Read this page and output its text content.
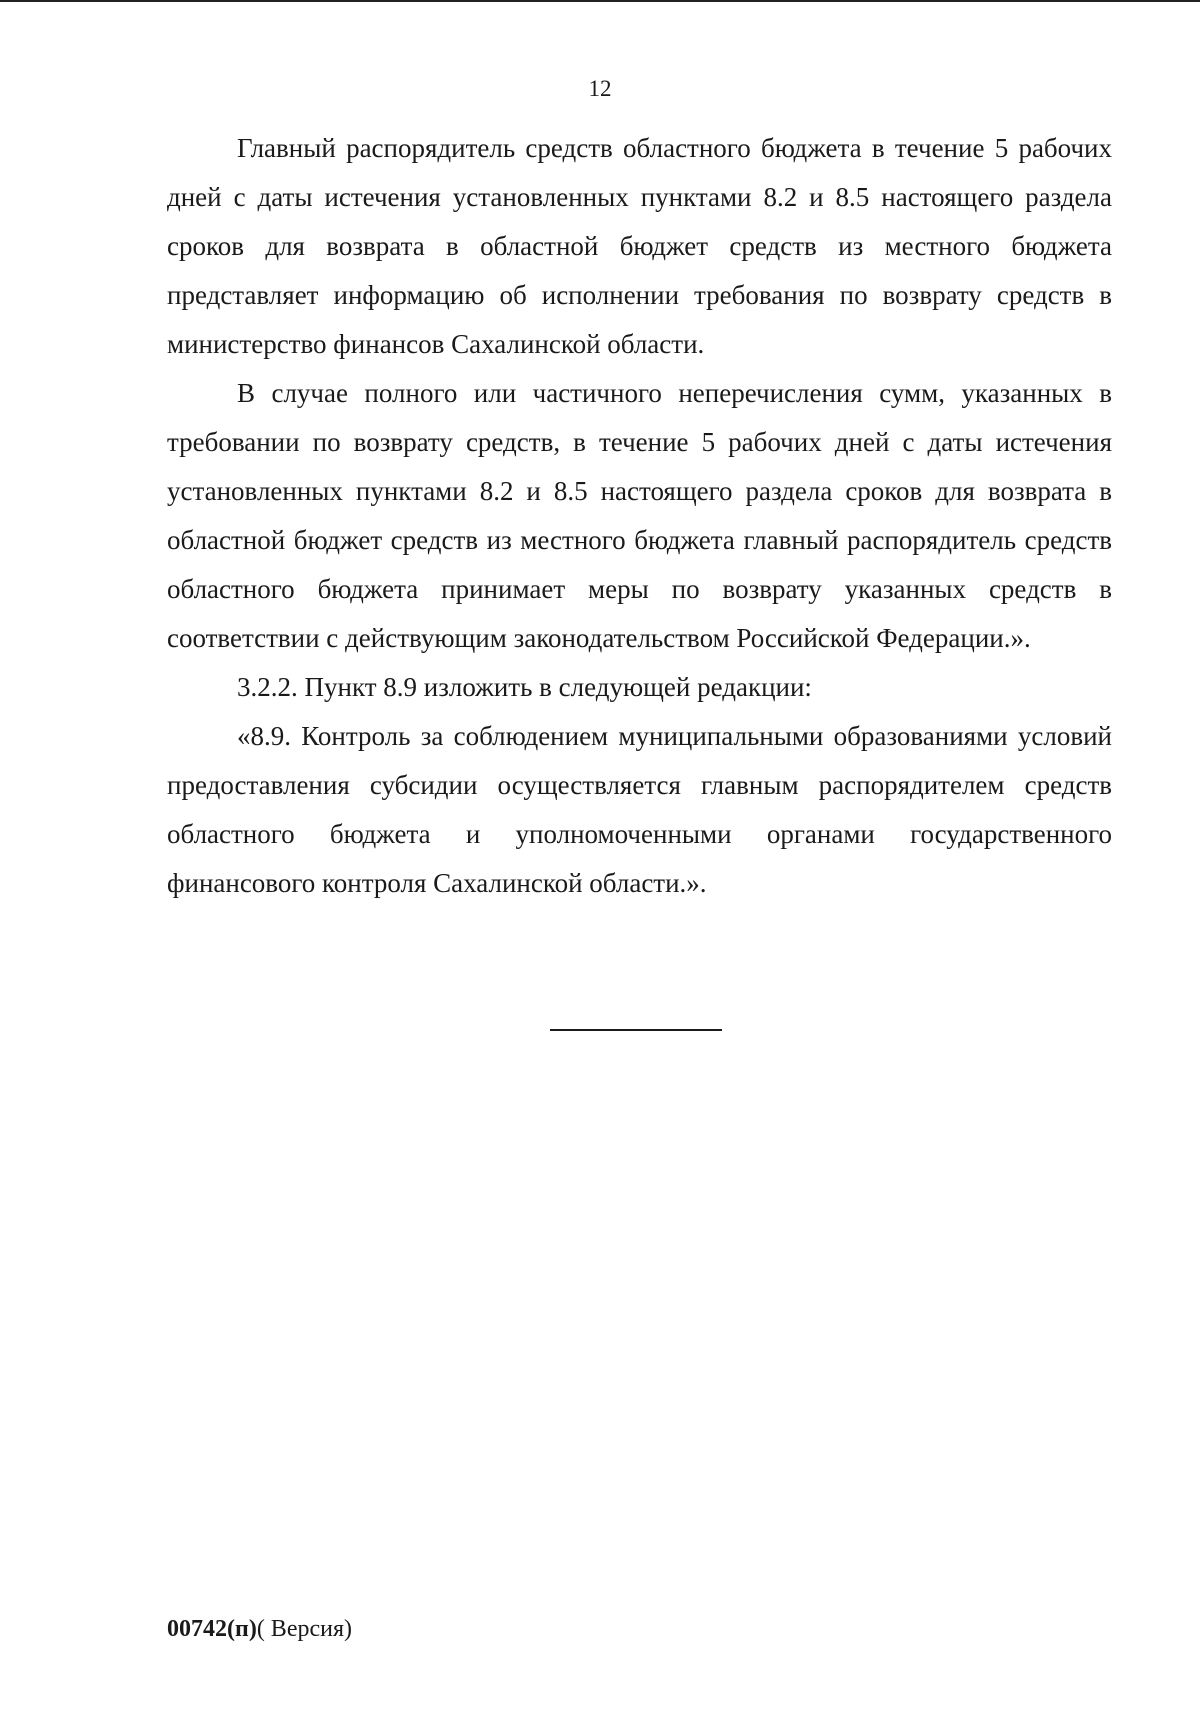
12

Главный распорядитель средств областного бюджета в течение 5 рабочих дней с даты истечения установленных пунктами 8.2 и 8.5 настоящего раздела сроков для возврата в областной бюджет средств из местного бюджета представляет информацию об исполнении требования по возврату средств в министерство финансов Сахалинской области.

В случае полного или частичного неперечисления сумм, указанных в требовании по возврату средств, в течение 5 рабочих дней с даты истечения установленных пунктами 8.2 и 8.5 настоящего раздела сроков для возврата в областной бюджет средств из местного бюджета главный распорядитель средств областного бюджета принимает меры по возврату указанных средств в соответствии с действующим законодательством Российской Федерации.».

3.2.2. Пункт 8.9 изложить в следующей редакции:

«8.9. Контроль за соблюдением муниципальными образованиями условий предоставления субсидии осуществляется главным распорядителем средств областного бюджета и уполномоченными органами государственного финансового контроля Сахалинской области.».

00742(п)( Версия)
